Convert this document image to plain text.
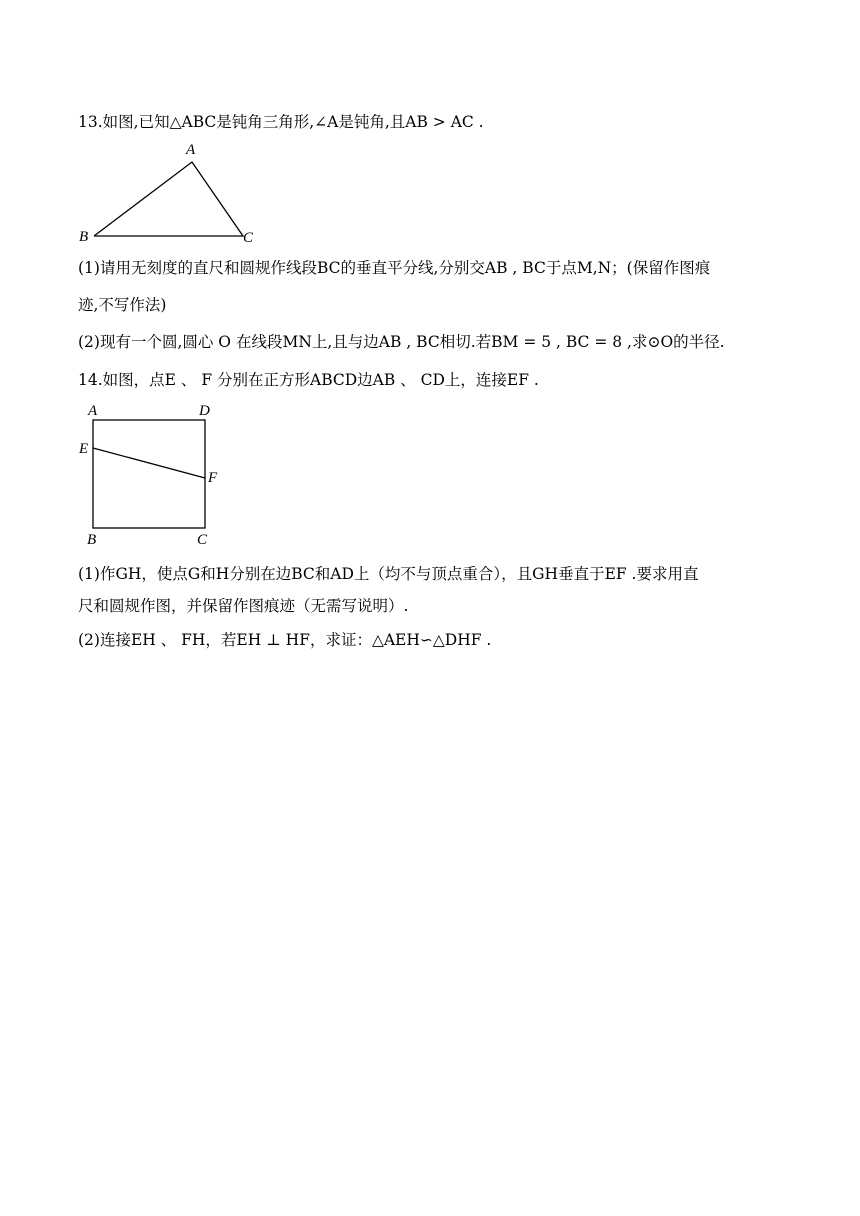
13.如图,已知△ABC是钝角三角形,∠A是钝角,且AB > AC .
A
B	C
(1)请用无刻度的直尺和圆规作线段BC的垂直平分线,分别交AB , BC于点M,N；(保留作图痕
迹,不写作法)
(2)现有一个圆,圆心 O 在线段MN上,且与边AB , BC相切.若BM = 5 , BC = 8 ,求⊙O的半径.
14.如图，点E 、 F 分别在正方形ABCD边AB 、 CD上，连接EF .
A	D
E
F
B	C
(1)作GH，使点G和H分别在边BC和AD上（均不与顶点重合），且GH垂直于EF .要求用直
尺和圆规作图，并保留作图痕迹（无需写说明）.
(2)连接EH 、 FH，若EH ⊥ HF，求证：△AEH∽△DHF .
